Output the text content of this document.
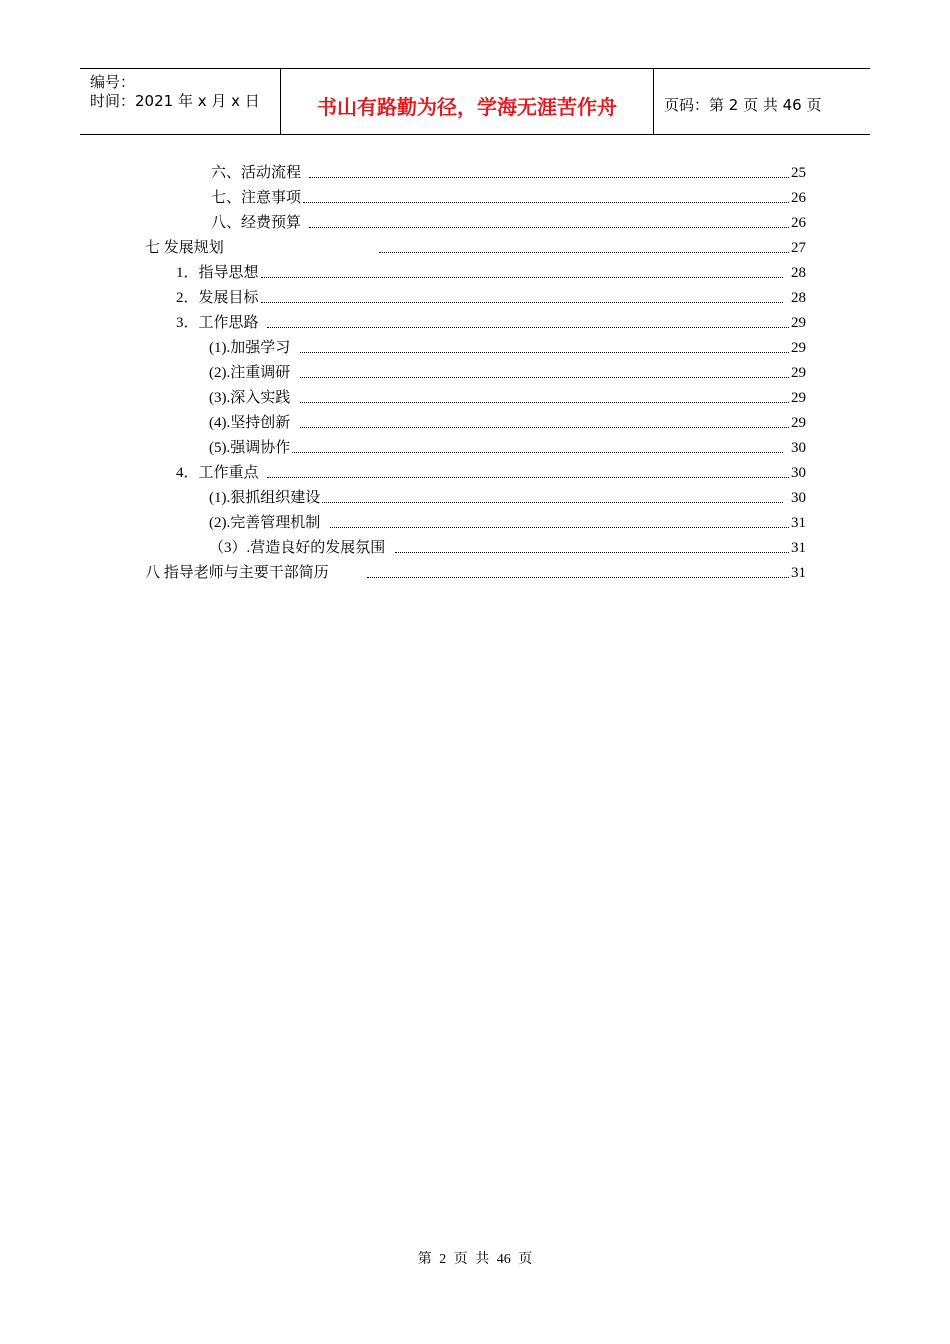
编号：
时间：2021 年 x 月 x 日	书山有路勤为径，学海无涯苦作舟	页码：第 2 页 共 46 页
六、活动流程	25
七、注意事项	26
八、经费预算	26
七 发展规划	27
1．指导思想	28
2．发展目标	28
3．工作思路	29
(1).加强学习	29
(2).注重调研	29
(3).深入实践	29
(4).坚持创新	29
(5).强调协作	30
4．工作重点	30
(1).狠抓组织建设	30
(2).完善管理机制	31
（3）.营造良好的发展氛围	31
八 指导老师与主要干部简历	31
第 2 页 共 46 页
